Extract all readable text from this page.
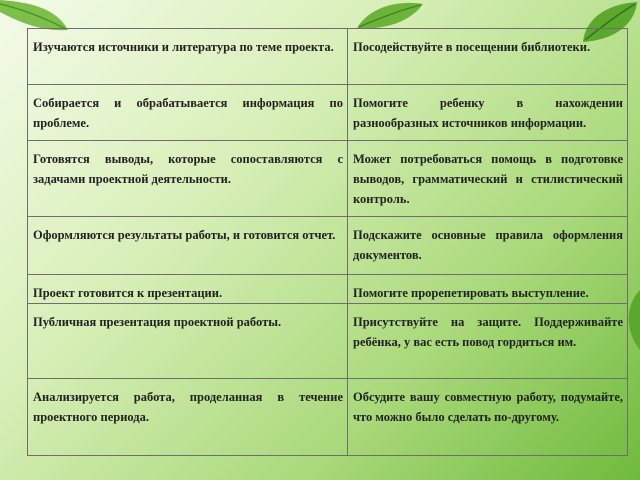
Изучаются источники и литература по теме проекта.	Посодействуйте в посещении библиотеки.
Собирается и обрабатывается информация по проблеме.	Помогите ребенку в нахождении разнообразных источников информации.
Готовятся выводы, которые сопоставляются с задачами проектной деятельности.	Может потребоваться помощь в подготовке выводов, грамматический и стилистический контроль.
Оформляются результаты работы, и готовится отчет.	Подскажите основные правила оформления документов.
Проект готовится к презентации.	Помогите прорепетировать выступление.
Публичная презентация проектной работы.	Присутствуйте на защите. Поддерживайте ребёнка, у вас есть повод гордиться им.
Анализируется работа, проделанная в течение проектного периода.	Обсудите вашу совместную работу, подумайте, что можно было сделать по-другому.
